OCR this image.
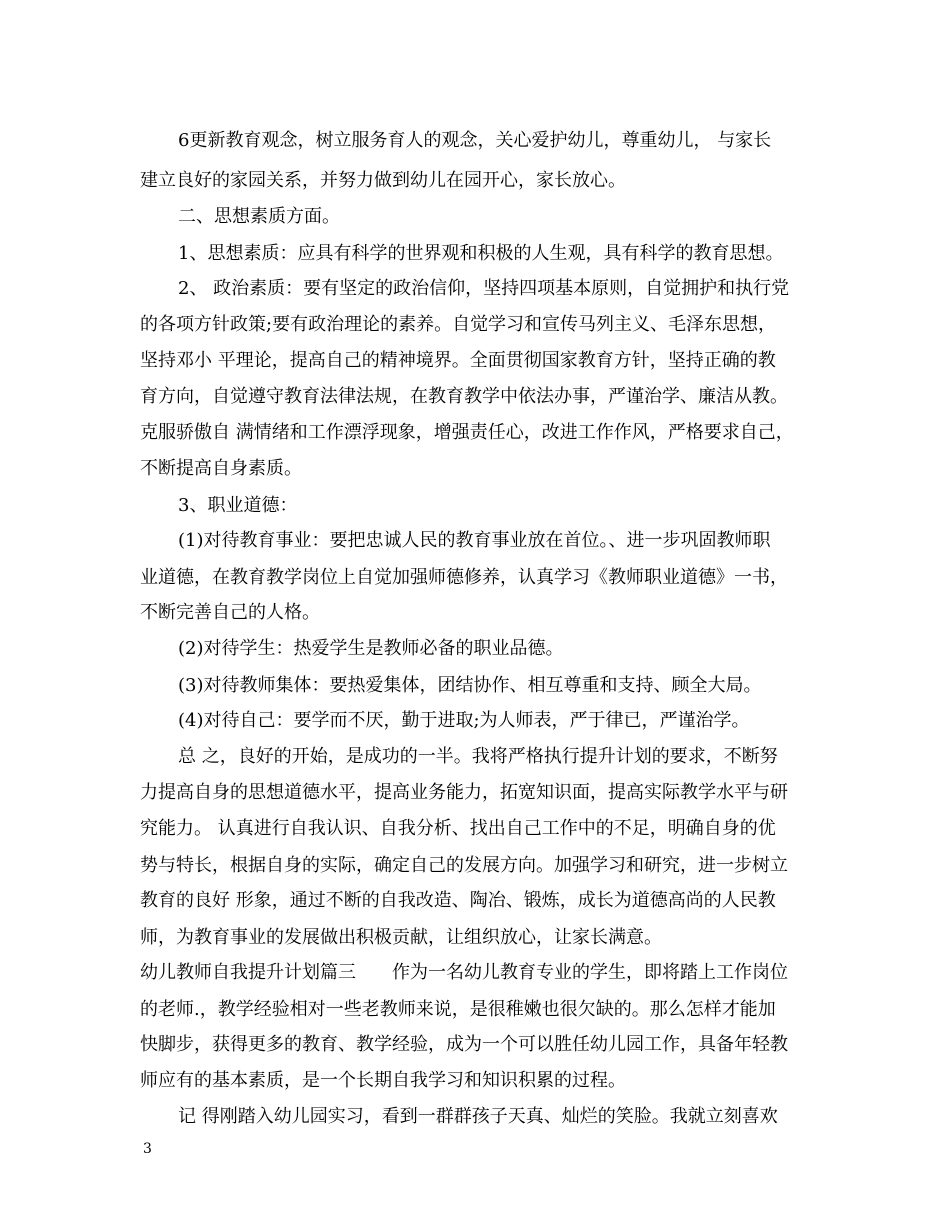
6更新教育观念，树立服务育人的观念，关心爱护幼儿，尊重幼儿， 与家长
建立良好的家园关系，并努力做到幼儿在园开心，家长放心。
二、思想素质方面。
1、思想素质：应具有科学的世界观和积极的人生观，具有科学的教育思想。
2、 政治素质：要有坚定的政治信仰，坚持四项基本原则，自觉拥护和执行党
的各项方针政策;要有政治理论的素养。自觉学习和宣传马列主义、毛泽东思想，
坚持邓小 平理论，提高自己的精神境界。全面贯彻国家教育方针，坚持正确的教
育方向，自觉遵守教育法律法规，在教育教学中依法办事，严谨治学、廉洁从教。
克服骄傲自 满情绪和工作漂浮现象，增强责任心，改进工作作风，严格要求自己，
不断提高自身素质。
3、职业道德：
(1)对待教育事业：要把忠诚人民的教育事业放在首位。、进一步巩固教师职
业道德，在教育教学岗位上自觉加强师德修养，认真学习《教师职业道德》一书，
不断完善自己的人格。
(2)对待学生：热爱学生是教师必备的职业品德。
(3)对待教师集体：要热爱集体，团结协作、相互尊重和支持、顾全大局。
(4)对待自己：要学而不厌，勤于进取;为人师表，严于律已，严谨治学。
总 之，良好的开始，是成功的一半。我将严格执行提升计划的要求，不断努
力提高自身的思想道德水平，提高业务能力，拓宽知识面，提高实际教学水平与研
究能力。 认真进行自我认识、自我分析、找出自己工作中的不足，明确自身的优
势与特长，根据自身的实际，确定自己的发展方向。加强学习和研究，进一步树立
教育的良好 形象，通过不断的自我改造、陶冶、锻炼，成长为道德高尚的人民教
师，为教育事业的发展做出积极贡献，让组织放心，让家长满意。
幼儿教师自我提升计划篇三　　作为一名幼儿教育专业的学生，即将踏上工作岗位
的老师.，教学经验相对一些老教师来说，是很稚嫩也很欠缺的。那么怎样才能加
快脚步，获得更多的教育、教学经验，成为一个可以胜任幼儿园工作，具备年轻教
师应有的基本素质，是一个长期自我学习和知识积累的过程。
记 得刚踏入幼儿园实习，看到一群群孩子天真、灿烂的笑脸。我就立刻喜欢
3
